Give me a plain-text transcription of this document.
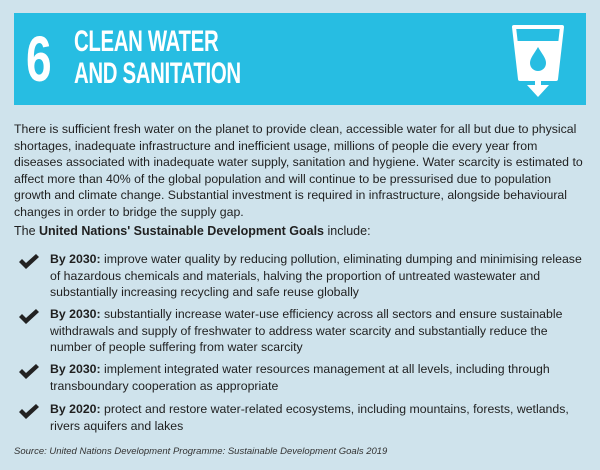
6 CLEAN WATER
AND SANITATION

There is sufficient fresh water on the planet to provide clean, accessible water for all but due to physical shortages, inadequate infrastructure and inefficient usage, millions of people die every year from diseases associated with inadequate water supply, sanitation and hygiene. Water scarcity is estimated to affect more than 40% of the global population and will continue to be pressurised due to population growth and climate change. Substantial investment is required in infrastructure, alongside behavioural changes in order to bridge the supply gap.

The United Nations' Sustainable Development Goals include:

By 2030: improve water quality by reducing pollution, eliminating dumping and minimising release of hazardous chemicals and materials, halving the proportion of untreated wastewater and substantially increasing recycling and safe reuse globally
By 2030: substantially increase water-use efficiency across all sectors and ensure sustainable withdrawals and supply of freshwater to address water scarcity and substantially reduce the number of people suffering from water scarcity
By 2030: implement integrated water resources management at all levels, including through transboundary cooperation as appropriate
By 2020: protect and restore water-related ecosystems, including mountains, forests, wetlands, rivers aquifers and lakes

Source: United Nations Development Programme: Sustainable Development Goals 2019
